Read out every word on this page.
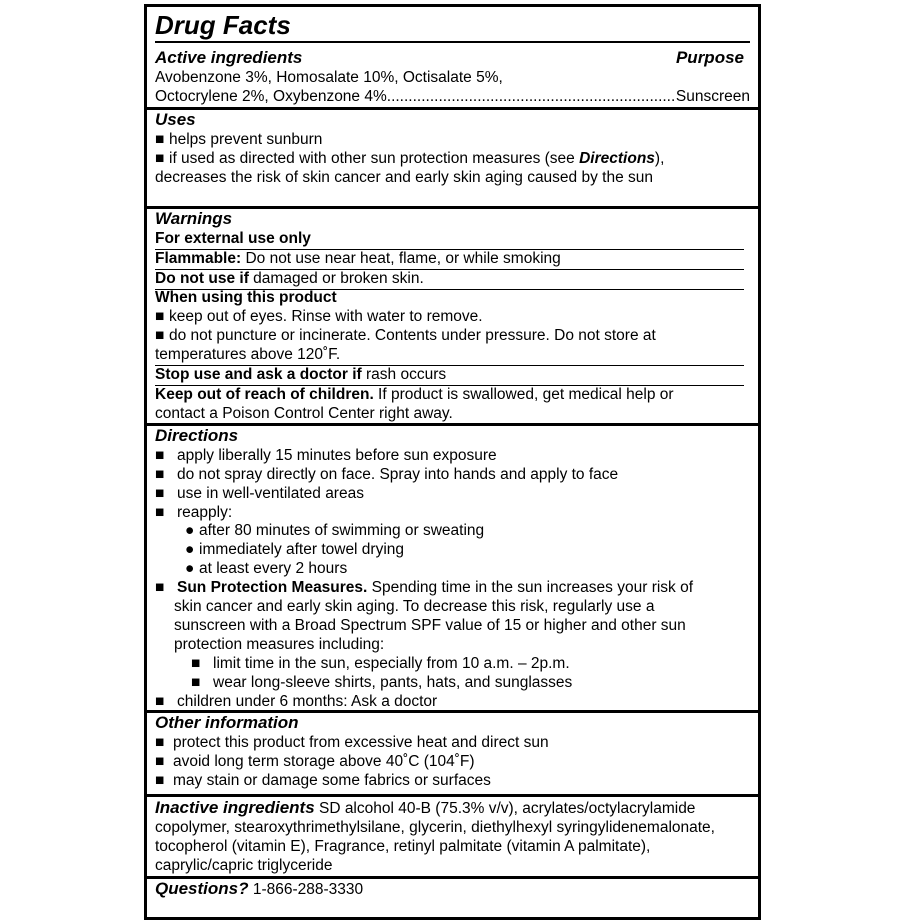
Drug Facts
Active ingredients	Purpose
Avobenzone 3%, Homosalate 10%, Octisalate 5%,
Octocrylene 2%, Oxybenzone 4%
.....	Sunscreen
Uses
■ helps prevent sunburn
■ if used as directed with other sun protection measures (see Directions),
decreases the risk of skin cancer and early skin aging caused by the sun
Warnings
For external use only
Flammable: Do not use near heat, flame, or while smoking
Do not use if damaged or broken skin.
When using this product
■ keep out of eyes. Rinse with water to remove.
■ do not puncture or incinerate. Contents under pressure. Do not store at
temperatures above 120˚F.
Stop use and ask a doctor if rash occurs
Keep out of reach of children. If product is swallowed, get medical help or
contact a Poison Control Center right away.
Directions
■ apply liberally 15 minutes before sun exposure
■ do not spray directly on face. Spray into hands and apply to face
■ use in well-ventilated areas
■ reapply:
● after 80 minutes of swimming or sweating
● immediately after towel drying
● at least every 2 hours
■ Sun Protection Measures. Spending time in the sun increases your risk of
skin cancer and early skin aging. To decrease this risk, regularly use a
sunscreen with a Broad Spectrum SPF value of 15 or higher and other sun
protection measures including:
■ limit time in the sun, especially from 10 a.m. – 2p.m.
■ wear long-sleeve shirts, pants, hats, and sunglasses
■ children under 6 months: Ask a doctor
Other information
■ protect this product from excessive heat and direct sun
■ avoid long term storage above 40˚C (104˚F)
■ may stain or damage some fabrics or surfaces
Inactive ingredients SD alcohol 40-B (75.3% v/v), acrylates/octylacrylamide
copolymer, stearoxythrimethylsilane, glycerin, diethylhexyl syringylidenemalonate,
tocopherol (vitamin E), Fragrance, retinyl palmitate (vitamin A palmitate),
caprylic/capric triglyceride
Questions? 1-866-288-3330
